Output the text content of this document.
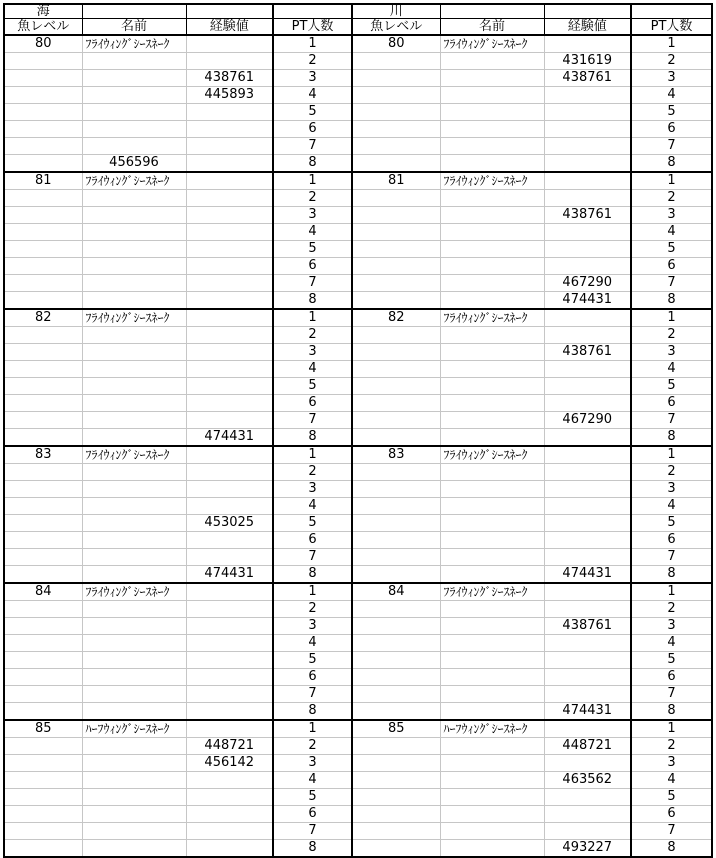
海				川			
魚レベル	名前	経験値	PT人数	魚レベル	名前	経験値	PT人数
80	ﾌﾗｲｳｨﾝｸﾞｼｰｽﾈｰｸ		1	80	ﾌﾗｲｳｨﾝｸﾞｼｰｽﾈｰｸ		1
			2			431619	2
		438761	3			438761	3
		445893	4				4
			5				5
			6				6
			7				7
	456596		8				8
81	ﾌﾗｲｳｨﾝｸﾞｼｰｽﾈｰｸ		1	81	ﾌﾗｲｳｨﾝｸﾞｼｰｽﾈｰｸ		1
			2				2
			3			438761	3
			4				4
			5				5
			6				6
			7			467290	7
			8			474431	8
82	ﾌﾗｲｳｨﾝｸﾞｼｰｽﾈｰｸ		1	82	ﾌﾗｲｳｨﾝｸﾞｼｰｽﾈｰｸ		1
			2				2
			3			438761	3
			4				4
			5				5
			6				6
			7			467290	7
		474431	8				8
83	ﾌﾗｲｳｨﾝｸﾞｼｰｽﾈｰｸ		1	83	ﾌﾗｲｳｨﾝｸﾞｼｰｽﾈｰｸ		1
			2				2
			3				3
			4				4
		453025	5				5
			6				6
			7				7
		474431	8			474431	8
84	ﾌﾗｲｳｨﾝｸﾞｼｰｽﾈｰｸ		1	84	ﾌﾗｲｳｨﾝｸﾞｼｰｽﾈｰｸ		1
			2				2
			3			438761	3
			4				4
			5				5
			6				6
			7				7
			8			474431	8
85	ﾊｰﾌｳｨﾝｸﾞｼｰｽﾈｰｸ		1	85	ﾊｰﾌｳｨﾝｸﾞｼｰｽﾈｰｸ		1
		448721	2			448721	2
		456142	3				3
			4			463562	4
			5				5
			6				6
			7				7
			8			493227	8
